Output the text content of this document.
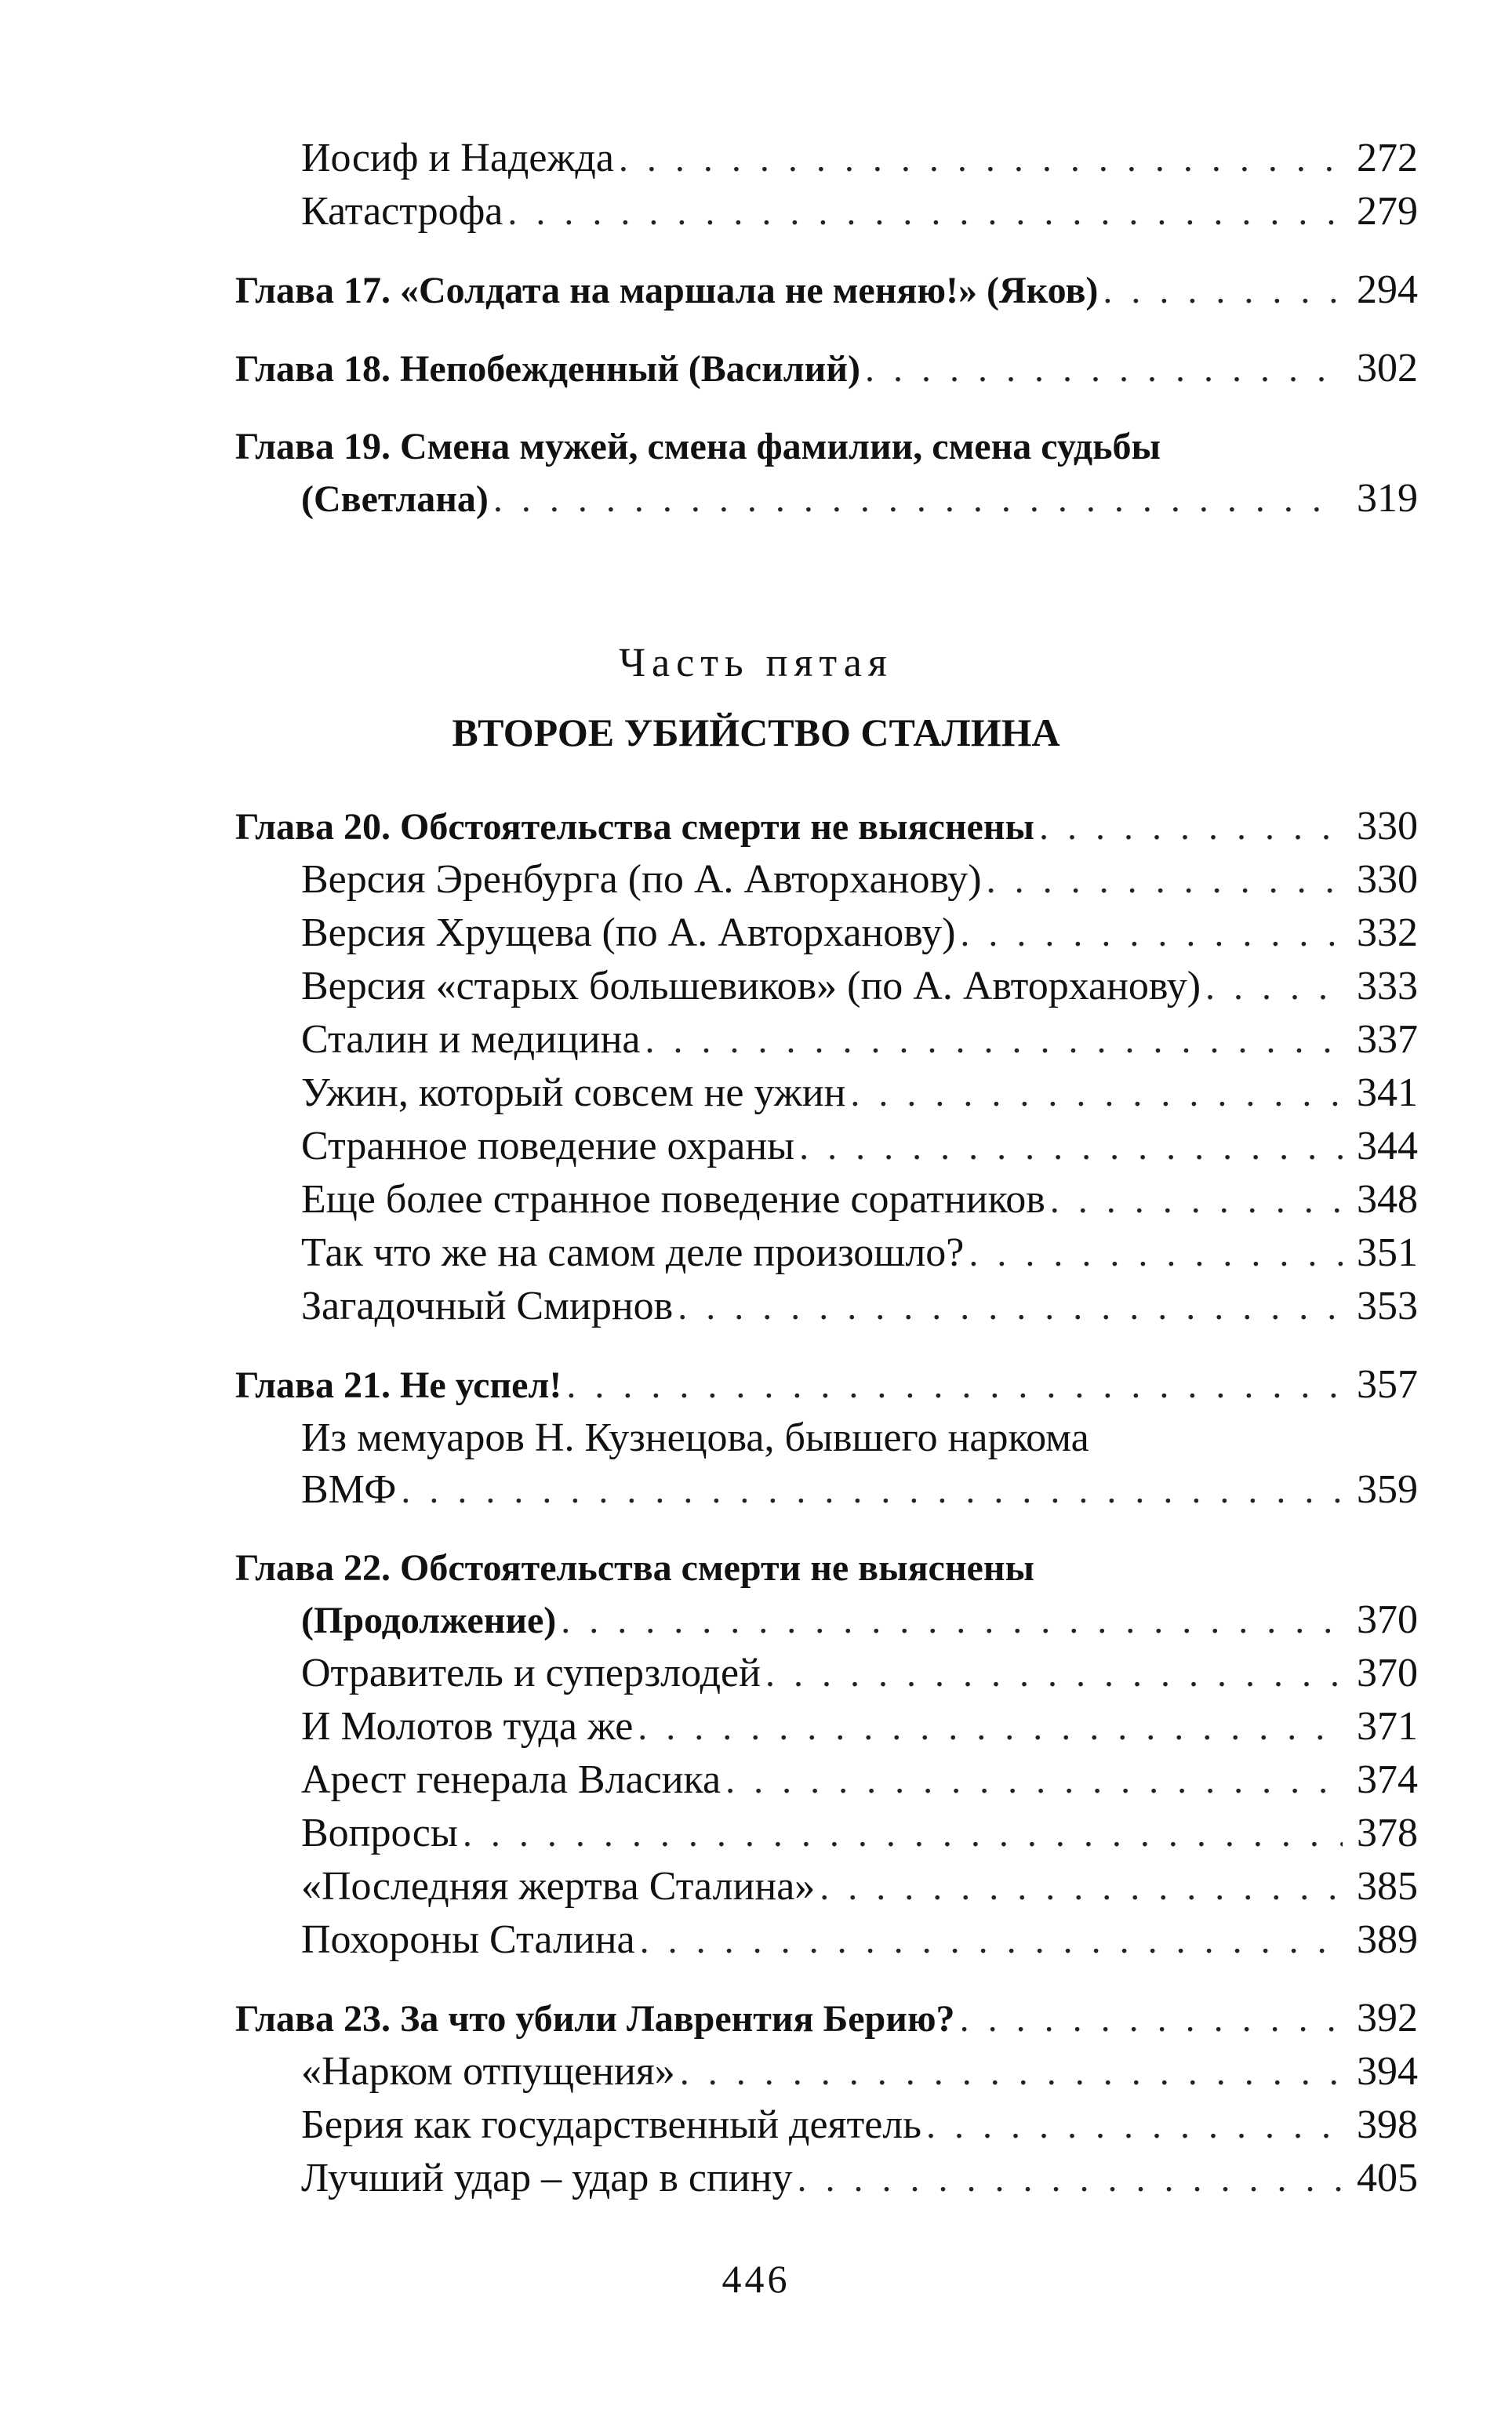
Иосиф и Надежда . . .	272
Катастрофа . . .	279
Глава 17. «Солдата на маршала не меняю!» (Яков) . . .	294
Глава 18. Непобежденный (Василий) . . .	302
Глава 19. Смена мужей, смена фамилии, смена судьбы
(Светлана) . . .	319
Часть пятая
ВТОРОЕ УБИЙСТВО СТАЛИНА
Глава 20. Обстоятельства смерти не выяснены . . .	330
Версия Эренбурга (по А. Авторханову) . . .	330
Версия Хрущева (по А. Авторханову) . . .	332
Версия «старых большевиков» (по А. Авторханову) . . .	333
Сталин и медицина . . .	337
Ужин, который совсем не ужин . . .	341
Странное поведение охраны . . .	344
Еще более странное поведение соратников . . .	348
Так что же на самом деле произошло? . . .	351
Загадочный Смирнов . . .	353
Глава 21. Не успел! . . .	357
Из мемуаров Н. Кузнецова, бывшего наркома
ВМФ . . .	359
Глава 22. Обстоятельства смерти не выяснены
(Продолжение) . . .	370
Отравитель и суперзлодей . . .	370
И Молотов туда же . . .	371
Арест генерала Власика . . .	374
Вопросы . . .	378
«Последняя жертва Сталина» . . .	385
Похороны Сталина . . .	389
Глава 23. За что убили Лаврентия Берию? . . .	392
«Нарком отпущения» . . .	394
Берия как государственный деятель . . .	398
Лучший удар – удар в спину . . .	405
446
